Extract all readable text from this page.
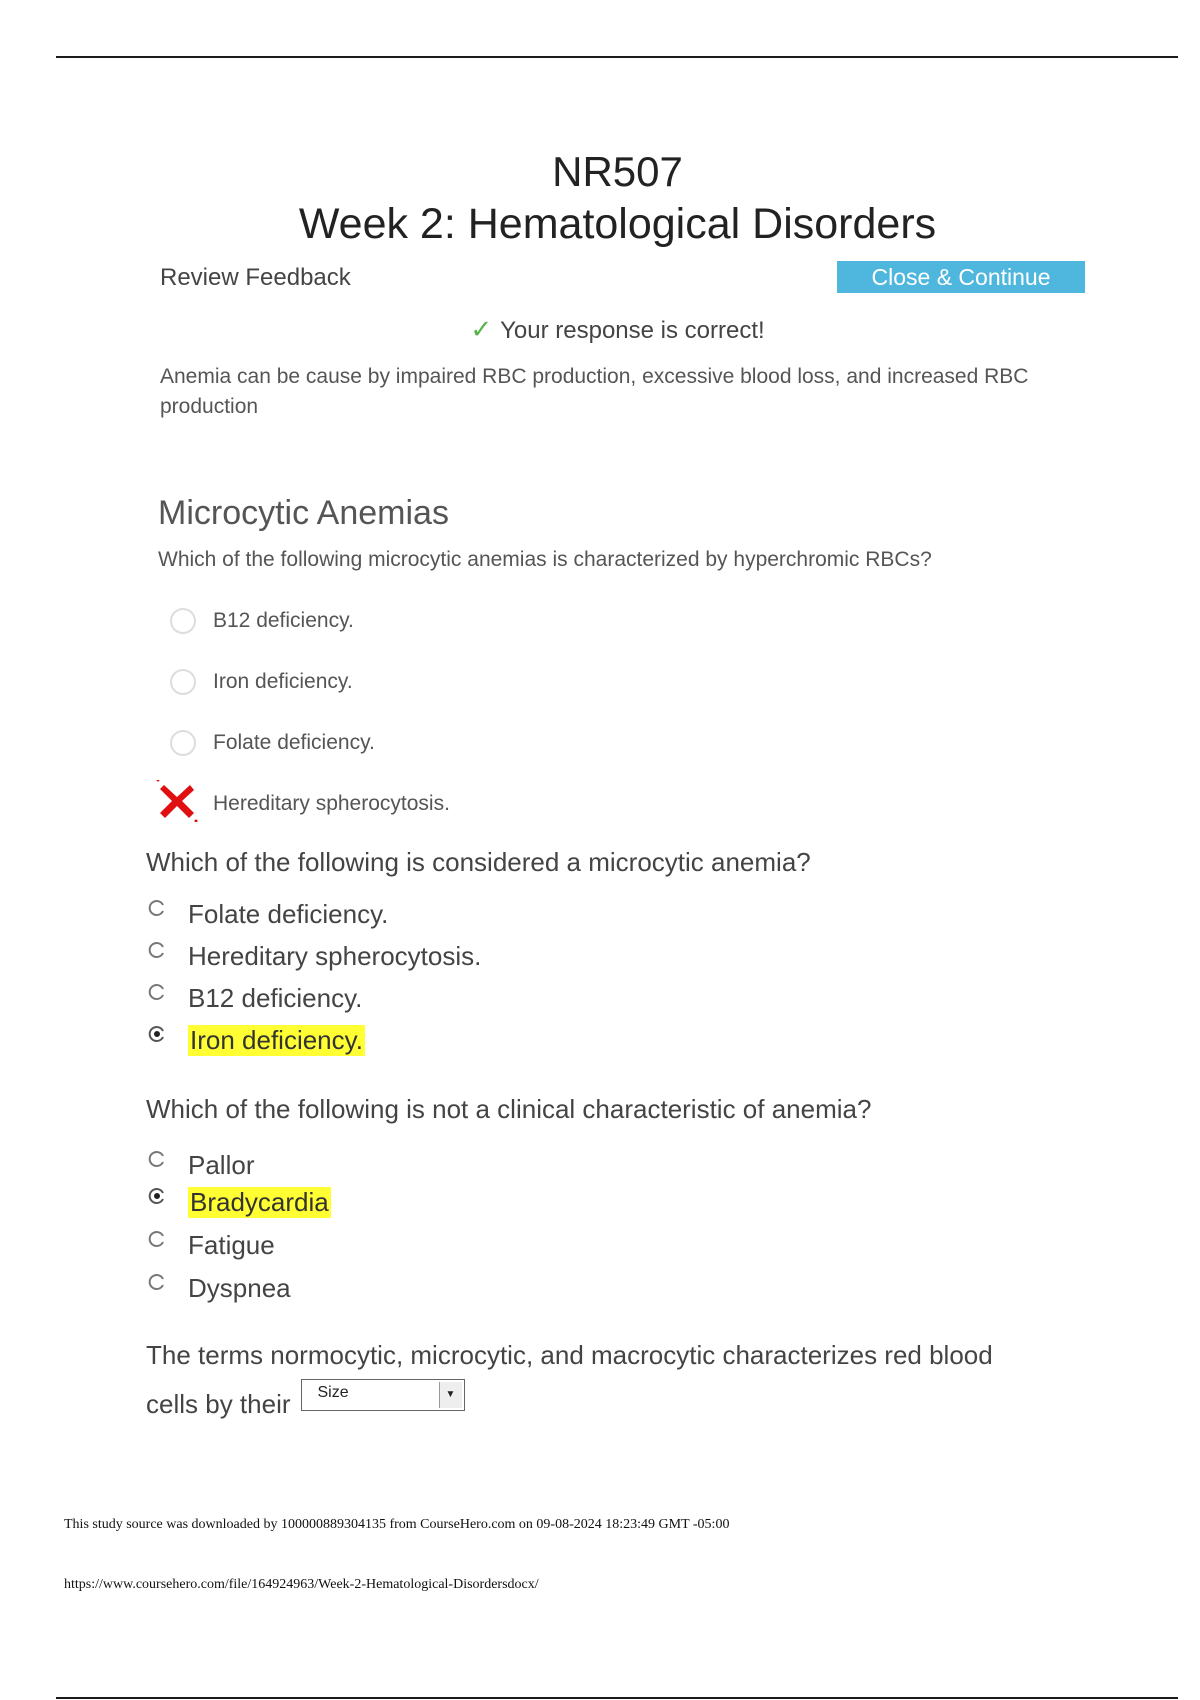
NR507
Week 2: Hematological Disorders
Review Feedback	Close & Continue
✓ Your response is correct!
Anemia can be cause by impaired RBC production, excessive blood loss, and increased RBC production
Microcytic Anemias
Which of the following microcytic anemias is characterized by hyperchromic RBCs?
B12 deficiency.
Iron deficiency.
Folate deficiency.
Hereditary spherocytosis.
Which of the following is considered a microcytic anemia?
Folate deficiency.
Hereditary spherocytosis.
B12 deficiency.
Iron deficiency.
Which of the following is not a clinical characteristic of anemia?
Pallor
Bradycardia
Fatigue
Dyspnea
The terms normocytic, microcytic, and macrocytic characterizes red blood
cells by their	Size	▼
This study source was downloaded by 100000889304135 from CourseHero.com on 09-08-2024 18:23:49 GMT -05:00
https://www.coursehero.com/file/164924963/Week-2-Hematological-Disordersdocx/
